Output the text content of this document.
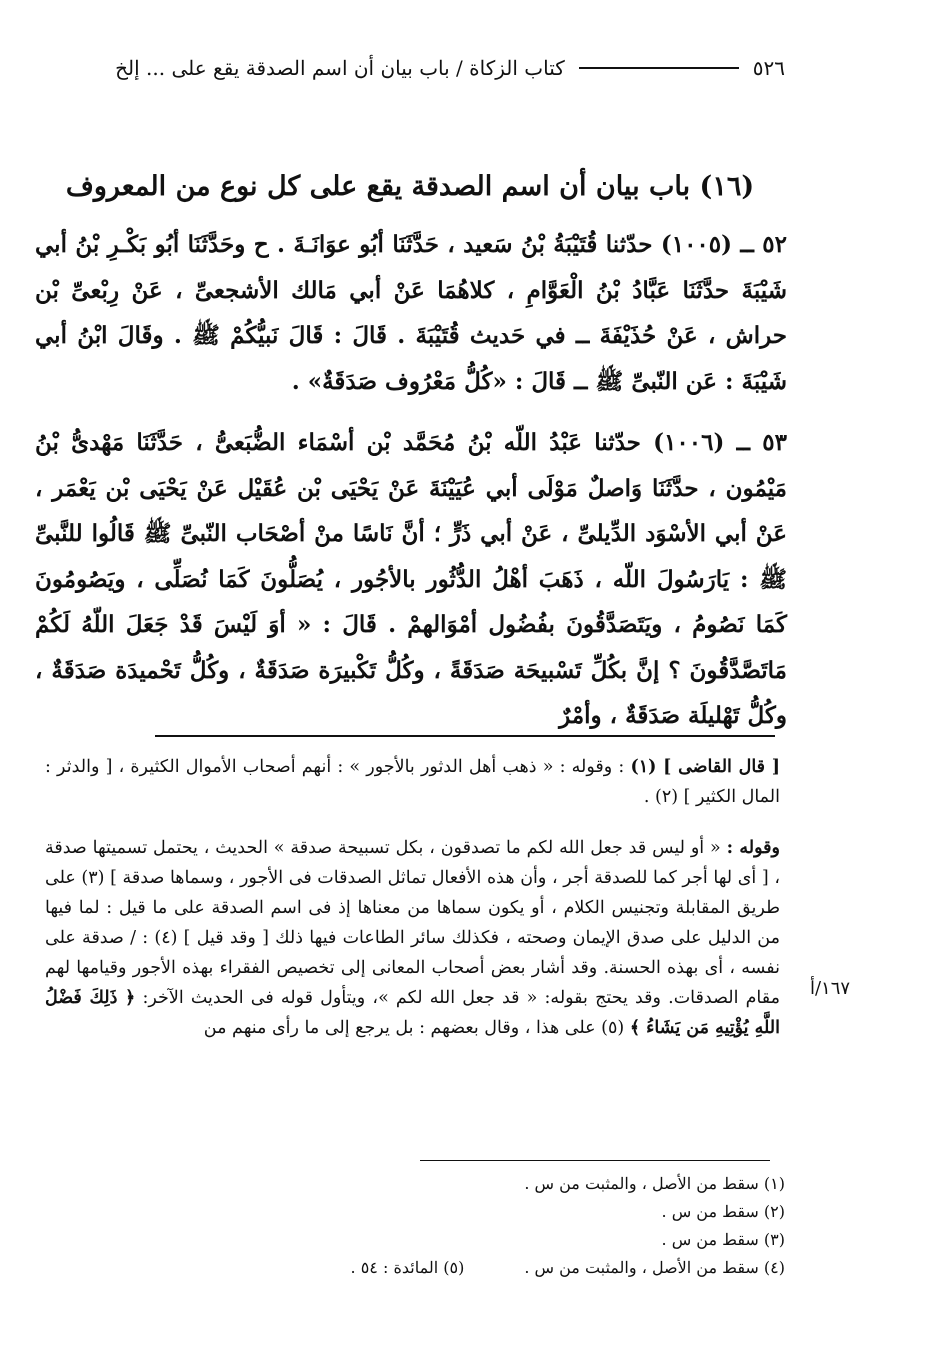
٥٢٦
كتاب الزكاة / باب بيان أن اسم الصدقة يقع على ... إلخ
(١٦) باب بيان أن اسم الصدقة يقع على كل نوع من المعروف
٥٢ ــ (١٠٠٥) حدّثنا قُتَيْبَةُ بْنُ سَعيد ، حَدَّثَنَا أبُو عوَانَـةَ . ح وحَدَّثَنَا أبُو بَكْـرِ بْنُ أبي شَيْبَةَ حدَّثَنَا عَبَّادُ بْنُ الْعَوَّامِ ، كلاهُمَا عَنْ أبي مَالك الأشجعىِّ ، عَنْ رِبْعىِّ بْن حراش ، عَنْ حُذَيْفَةَ ــ في حَديث قُتَيْبَةَ . قَالَ : قَالَ نَبيُّكُمْ ﷺ . وقَالَ ابْنُ أبي شَيْبَةَ : عَن النّبىِّ ﷺ ــ قَالَ : «كُلُّ مَعْرُوف صَدَقَةٌ» .
٥٣ ــ (١٠٠٦) حدّثنا عَبْدُ اللّه بْنُ مُحَمَّد بْن أسْمَاء الضُّبَعىُّ ، حَدَّثَنَا مَهْدىُّ بْنُ مَيْمُون ، حدَّثَنَا وَاصلٌ مَوْلَى أبي عُيَيْنَةَ عَنْ يَحْيَى بْن عُقَيْل عَنْ يَحْيَى بْن يَعْمَر ، عَنْ أبي الأسْوَد الدِّيلىِّ ، عَنْ أبي ذَرٍّ ؛ أنَّ نَاسًا منْ أصْحَاب النّبىِّ ﷺ قَالُوا للنَّبىِّ ﷺ : يَارَسُولَ اللّه ، ذَهَبَ أهْلُ الدُّثُور بالأجُور ، يُصَلُّونَ كَمَا نُصَلِّى ، ويَصُومُونَ كَمَا نَصُومُ ، ويَتَصَدَّقُونَ بفُضُول أمْوَالهمْ . قَالَ : « أوَ لَيْسَ قَدْ جَعَلَ اللّهُ لَكُمْ مَاتَصَّدَّقُونَ ؟ إنَّ بكُلِّ تَسْبيحَة صَدَقَةً ، وكُلُّ تَكْبيرَة صَدَقَةٌ ، وكُلُّ تَحْميدَة صَدَقَةٌ ، وكُلُّ تَهْليلَة صَدَقَةٌ ، وأمْرٌ
[ قال القاضى ] (١) : وقوله : « ذهب أهل الدثور بالأجور » : أنهم أصحاب الأموال الكثيرة ، [ والدثر : المال الكثير ] (٢) .
وقوله : « أو ليس قد جعل الله لكم ما تصدقون ، بكل تسبيحة صدقة » الحديث ، يحتمل تسميتها صدقة ، [ أى لها أجر كما للصدقة أجر ، وأن هذه الأفعال تماثل الصدقات فى الأجور ، وسماها صدقة ] (٣) على طريق المقابلة وتجنيس الكلام ، أو يكون سماها من معناها إذ فى اسم الصدقة على ما قيل : لما فيها من الدليل على صدق الإيمان وصحته ، فكذلك سائر الطاعات فيها ذلك [ وقد قيل ] (٤) : / صدقة على نفسه ، أى بهذه الحسنة. وقد أشار بعض أصحاب المعانى إلى تخصيص الفقراء بهذه الأجور وقيامها لهم مقام الصدقات. وقد يحتج بقوله: « قد جعل الله لكم »، ويتأول قوله فى الحديث الآخر: ﴿ ذَلِكَ فَضْلُ اللَّهِ يُؤْتِيهِ مَن يَشَاءُ ﴾ (٥) على هذا ، وقال بعضهم : بل يرجع إلى ما رأى منهم من
١٦٧/أ
(١) سقط من الأصل ، والمثبت من س .
(٢) سقط من س .
(٣) سقط من س .
(٤) سقط من الأصل ، والمثبت من س .
(٥) المائدة : ٥٤ .
